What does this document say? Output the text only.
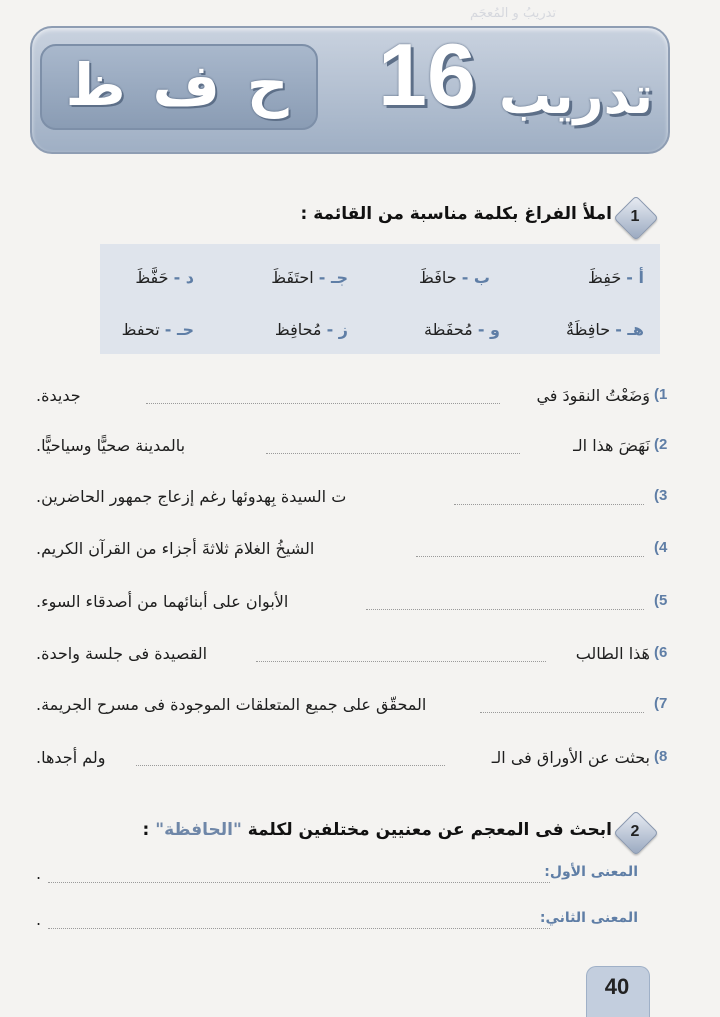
تدريبُ و المُعجَم
ح
ف
ظ	16 تدريب
1
املأ الفراغ بكلمة مناسبة من القائمة :
أ - حَفِظَ
ب - حافَظَ
جـ - احتَفَظَ
د - حَفَّظَ
هـ - حافِظَةٌ
و - مُحفَظة
ز - مُحافِظ
حـ - تحفظ
1)
وَضَعْتُ النقودَ في
جديدة.
2)
نَهَضَ هذا الـ
بالمدينة صحيًّا وسياحيًّا.
3)
ت السيدة بِهدوئها رغم إزعاج جمهور الحاضرين.
4)
الشيخُ الغلامَ ثلاثةَ أجزاء من القرآن الكريم.
5)
الأبوان على أبنائهما من أصدقاء السوء.
6)
هَذا الطالب
القصيدة فى جلسة واحدة.
7)
المحقّق على جميع المتعلقات الموجودة فى مسرح الجريمة.
8)
بحثت عن الأوراق فى الـ
ولم أجدها.
2
ابحث فى المعجم عن معنيين مختلفين لكلمة "الحافظة" :
المعنى الأول:
.
المعنى الثاني:
.
40
